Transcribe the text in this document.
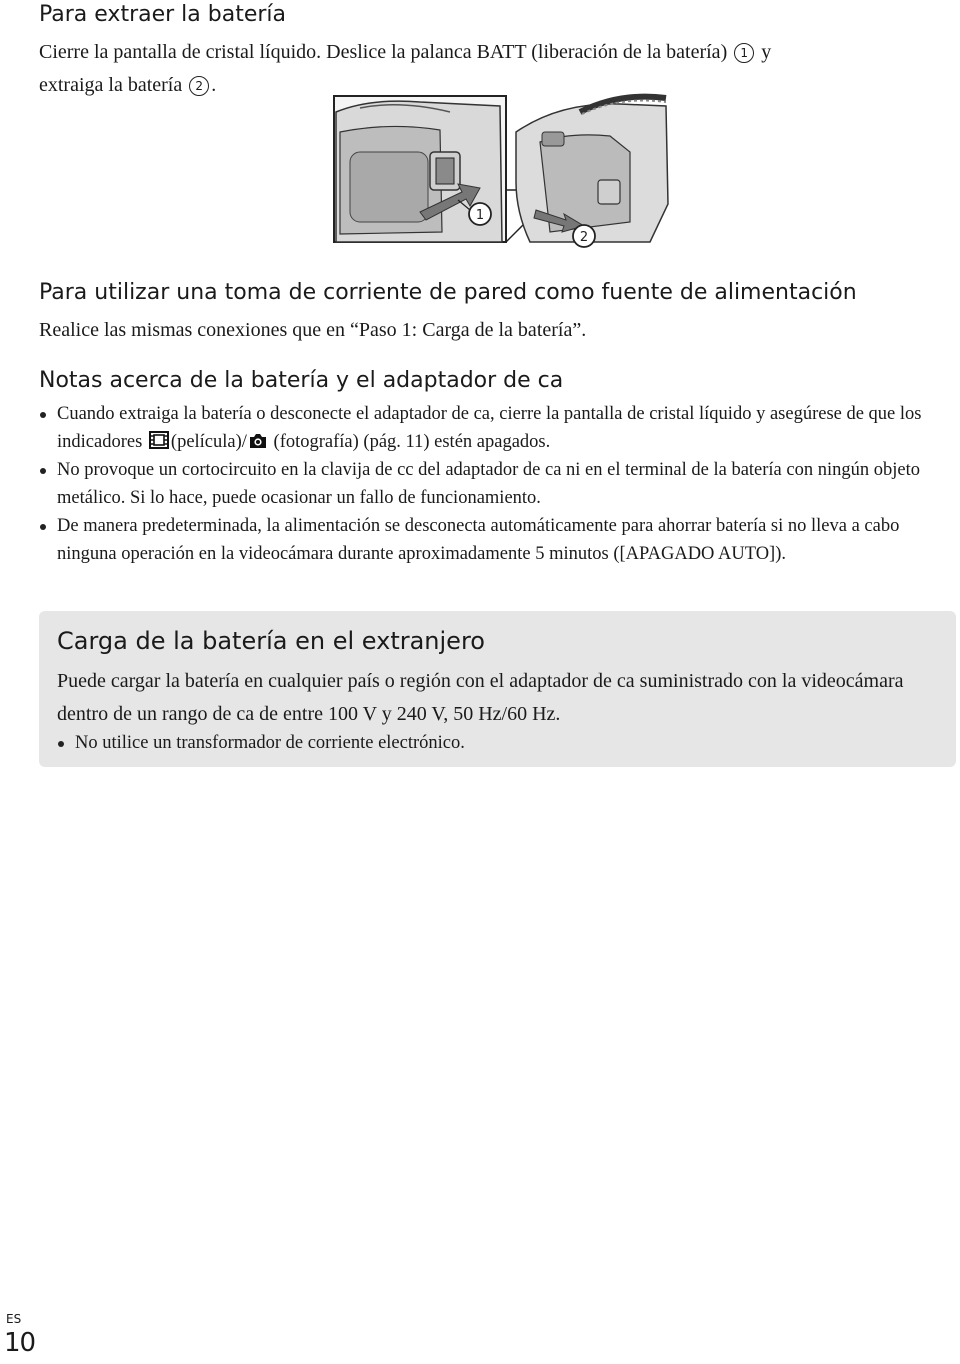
Para extraer la batería
Cierre la pantalla de cristal líquido. Deslice la palanca BATT (liberación de la batería) 1 y
extraiga la batería 2 .
1
2
Para utilizar una toma de corriente de pared como fuente de alimentación

Realice las mismas conexiones que en “Paso 1: Carga de la batería”.

Notas acerca de la batería y el adaptador de ca
Cuando extraiga la batería o desconecte el adaptador de ca, cierre la pantalla de cristal líquido y asegúrese de que los indicadores (película)/ (fotografía) (pág. 11) estén apagados.
No provoque un cortocircuito en la clavija de cc del adaptador de ca ni en el terminal de la batería con ningún objeto metálico. Si lo hace, puede ocasionar un fallo de funcionamiento.
De manera predeterminada, la alimentación se desconecta automáticamente para ahorrar batería si no lleva a cabo ninguna operación en la videocámara durante aproximadamente 5 minutos ([APAGADO AUTO]).
Carga de la batería en el extranjero

Puede cargar la batería en cualquier país o región con el adaptador de ca suministrado con la videocámara dentro de un rango de ca de entre 100 V y 240 V, 50 Hz/60 Hz.

No utilice un transformador de corriente electrónico.
ES
10
